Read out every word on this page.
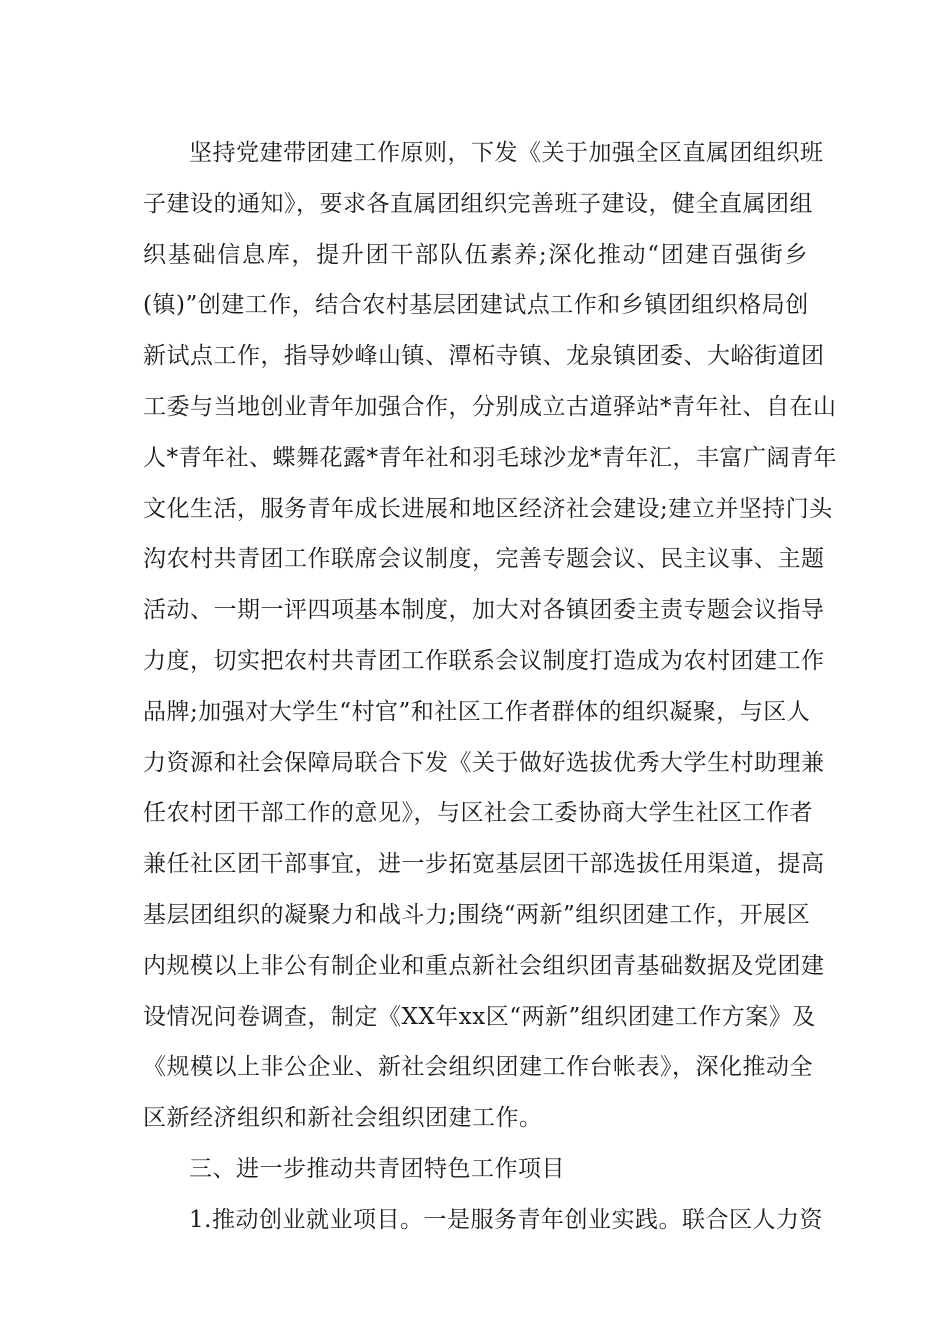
坚持党建带团建工作原则，下发《关于加强全区直属团组织班
子建设的通知》，要求各直属团组织完善班子建设，健全直属团组
织基础信息库，提升团干部队伍素养;深化推动“团建百强街乡
(镇)”创建工作，结合农村基层团建试点工作和乡镇团组织格局创
新试点工作，指导妙峰山镇、潭柘寺镇、龙泉镇团委、大峪街道团
工委与当地创业青年加强合作，分别成立古道驿站*青年社、自在山
人*青年社、蝶舞花露*青年社和羽毛球沙龙*青年汇，丰富广阔青年
文化生活，服务青年成长进展和地区经济社会建设;建立并坚持门头
沟农村共青团工作联席会议制度，完善专题会议、民主议事、主题
活动、一期一评四项基本制度，加大对各镇团委主责专题会议指导
力度，切实把农村共青团工作联系会议制度打造成为农村团建工作
品牌;加强对大学生“村官”和社区工作者群体的组织凝聚，与区人
力资源和社会保障局联合下发《关于做好选拔优秀大学生村助理兼
任农村团干部工作的意见》，与区社会工委协商大学生社区工作者
兼任社区团干部事宜，进一步拓宽基层团干部选拔任用渠道，提高
基层团组织的凝聚力和战斗力;围绕“两新”组织团建工作，开展区
内规模以上非公有制企业和重点新社会组织团青基础数据及党团建
设情况问卷调查，制定《XX年xx区“两新”组织团建工作方案》及
《规模以上非公企业、新社会组织团建工作台帐表》，深化推动全
区新经济组织和新社会组织团建工作。
三、进一步推动共青团特色工作项目
1.推动创业就业项目。一是服务青年创业实践。联合区人力资
